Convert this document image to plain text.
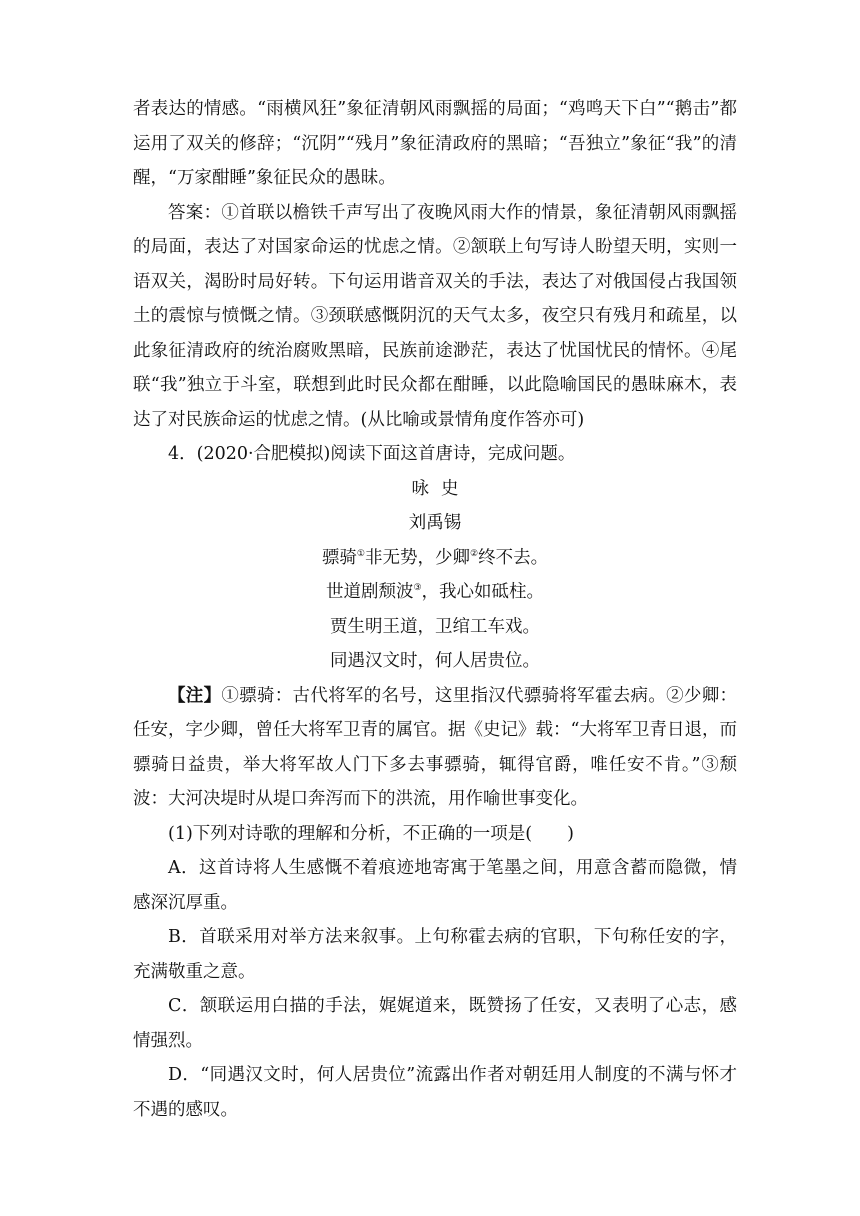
者表达的情感。“雨横风狂”象征清朝风雨飘摇的局面；“鸡鸣天下白”“鹅击”都运用了双关的修辞；“沉阴”“残月”象征清政府的黑暗；“吾独立”象征“我”的清醒，“万家酣睡”象征民众的愚昧。

答案：①首联以檐铁千声写出了夜晚风雨大作的情景，象征清朝风雨飘摇的局面，表达了对国家命运的忧虑之情。②颔联上句写诗人盼望天明，实则一语双关，渴盼时局好转。下句运用谐音双关的手法，表达了对俄国侵占我国领土的震惊与愤慨之情。③颈联感慨阴沉的天气太多，夜空只有残月和疏星，以此象征清政府的统治腐败黑暗，民族前途渺茫，表达了忧国忧民的情怀。④尾联“我”独立于斗室，联想到此时民众都在酣睡，以此隐喻国民的愚昧麻木，表达了对民族命运的忧虑之情。(从比喻或景情角度作答亦可)

4．(2020·合肥模拟)阅读下面这首唐诗，完成问题。

咏史

刘禹锡

骠骑①非无势，少卿②终不去。

世道剧颓波③，我心如砥柱。

贾生明王道，卫绾工车戏。

同遇汉文时，何人居贵位。

【注】①骠骑：古代将军的名号，这里指汉代骠骑将军霍去病。②少卿：任安，字少卿，曾任大将军卫青的属官。据《史记》载：“大将军卫青日退，而骠骑日益贵，举大将军故人门下多去事骠骑，辄得官爵，唯任安不肯。”③颓波：大河决堤时从堤口奔泻而下的洪流，用作喻世事变化。

(1)下列对诗歌的理解和分析，不正确的一项是(　　)

A．这首诗将人生感慨不着痕迹地寄寓于笔墨之间，用意含蓄而隐微，情感深沉厚重。

B．首联采用对举方法来叙事。上句称霍去病的官职，下句称任安的字，充满敬重之意。

C．颔联运用白描的手法，娓娓道来，既赞扬了任安，又表明了心志，感情强烈。

D．“同遇汉文时，何人居贵位”流露出作者对朝廷用人制度的不满与怀才不遇的感叹。
